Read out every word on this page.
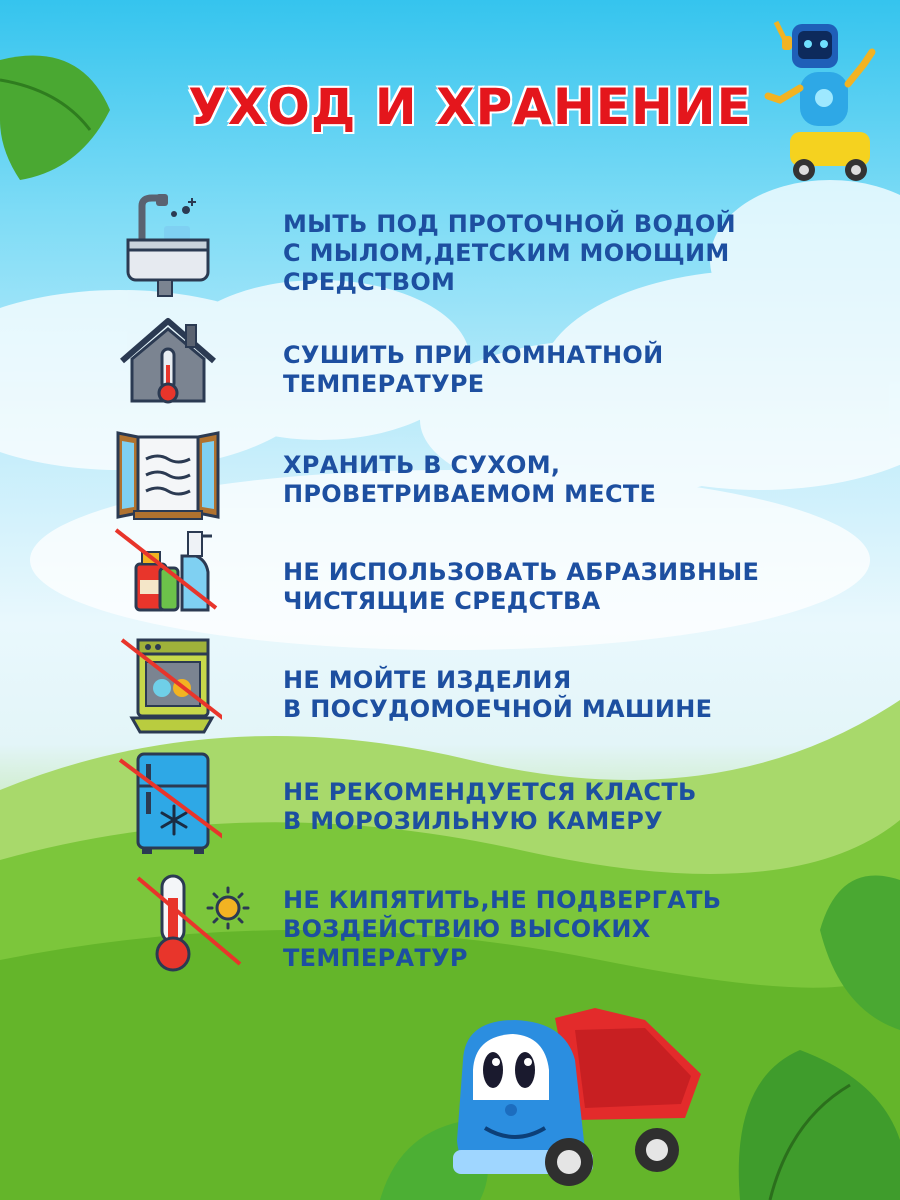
УХОД И ХРАНЕНИЕ
МЫТЬ ПОД ПРОТОЧНОЙ ВОДОЙ
С МЫЛОМ,ДЕТСКИМ МОЮЩИМ
СРЕДСТВОМ
СУШИТЬ ПРИ КОМНАТНОЙ
ТЕМПЕРАТУРЕ
ХРАНИТЬ В СУХОМ,
ПРОВЕТРИВАЕМОМ МЕСТЕ
НЕ ИСПОЛЬЗОВАТЬ АБРАЗИВНЫЕ
ЧИСТЯЩИЕ СРЕДСТВА
НЕ МОЙТЕ ИЗДЕЛИЯ
В ПОСУДОМОЕЧНОЙ МАШИНЕ
НЕ РЕКОМЕНДУЕТСЯ КЛАСТЬ
В МОРОЗИЛЬНУЮ КАМЕРУ
НЕ КИПЯТИТЬ,НЕ ПОДВЕРГАТЬ
ВОЗДЕЙСТВИЮ ВЫСОКИХ
ТЕМПЕРАТУР
